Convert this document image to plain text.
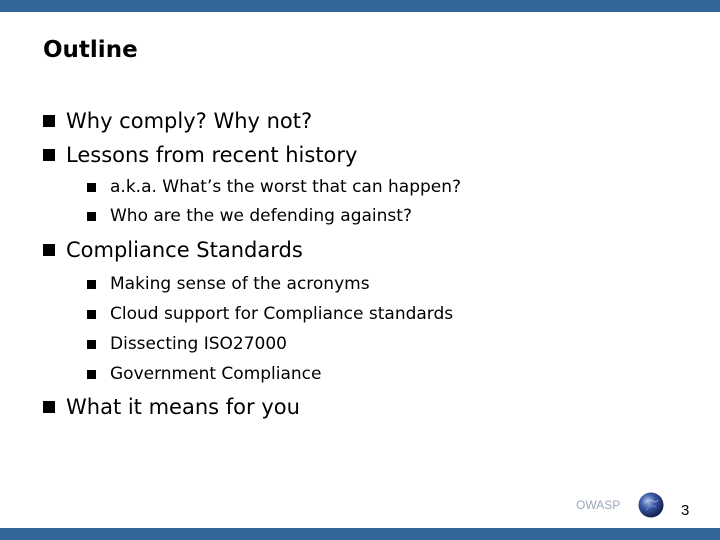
Outline
Why comply? Why not?
Lessons from recent history
a.k.a. What’s the worst that can happen?
Who are the we defending against?
Compliance Standards
Making sense of the acronyms
Cloud support for Compliance standards
Dissecting ISO27000
Government Compliance
What it means for you
OWASP	3
